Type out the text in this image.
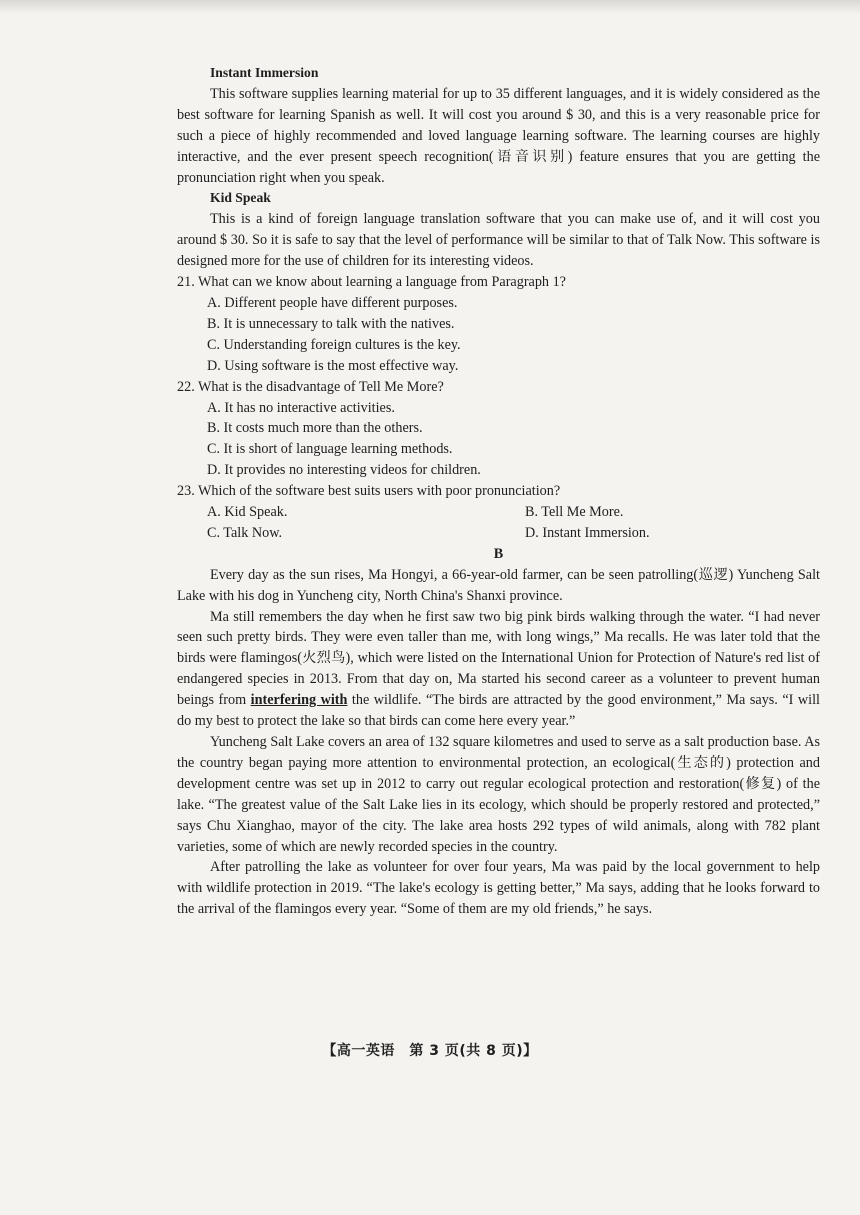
Instant Immersion

This software supplies learning material for up to 35 different languages, and it is widely considered as the best software for learning Spanish as well. It will cost you around $ 30, and this is a very reasonable price for such a piece of highly recommended and loved language learning software. The learning courses are highly interactive, and the ever present speech recognition(语音识别) feature ensures that you are getting the pronunciation right when you speak.

Kid Speak

This is a kind of foreign language translation software that you can make use of, and it will cost you around $ 30. So it is safe to say that the level of performance will be similar to that of Talk Now. This software is designed more for the use of children for its interesting videos.

21. What can we know about learning a language from Paragraph 1?

A. Different people have different purposes.

B. It is unnecessary to talk with the natives.

C. Understanding foreign cultures is the key.

D. Using software is the most effective way.

22. What is the disadvantage of Tell Me More?

A. It has no interactive activities.

B. It costs much more than the others.

C. It is short of language learning methods.

D. It provides no interesting videos for children.

23. Which of the software best suits users with poor pronunciation?

A. Kid Speak.	B. Tell Me More.
C. Talk Now.	D. Instant Immersion.

B

Every day as the sun rises, Ma Hongyi, a 66-year-old farmer, can be seen patrolling(巡逻) Yuncheng Salt Lake with his dog in Yuncheng city, North China's Shanxi province.

Ma still remembers the day when he first saw two big pink birds walking through the water. “I had never seen such pretty birds. They were even taller than me, with long wings,” Ma recalls. He was later told that the birds were flamingos(火烈鸟), which were listed on the International Union for Protection of Nature's red list of endangered species in 2013. From that day on, Ma started his second career as a volunteer to prevent human beings from interfering with the wildlife. “The birds are attracted by the good environment,” Ma says. “I will do my best to protect the lake so that birds can come here every year.”

Yuncheng Salt Lake covers an area of 132 square kilometres and used to serve as a salt production base. As the country began paying more attention to environmental protection, an ecological(生态的) protection and development centre was set up in 2012 to carry out regular ecological protection and restoration(修复) of the lake. “The greatest value of the Salt Lake lies in its ecology, which should be properly restored and protected,” says Chu Xianghao, mayor of the city. The lake area hosts 292 types of wild animals, along with 782 plant varieties, some of which are newly recorded species in the country.

After patrolling the lake as volunteer for over four years, Ma was paid by the local government to help with wildlife protection in 2019. “The lake's ecology is getting better,” Ma says, adding that he looks forward to the arrival of the flamingos every year. “Some of them are my old friends,” he says.

【高一英语　第 3 页(共 8 页)】
